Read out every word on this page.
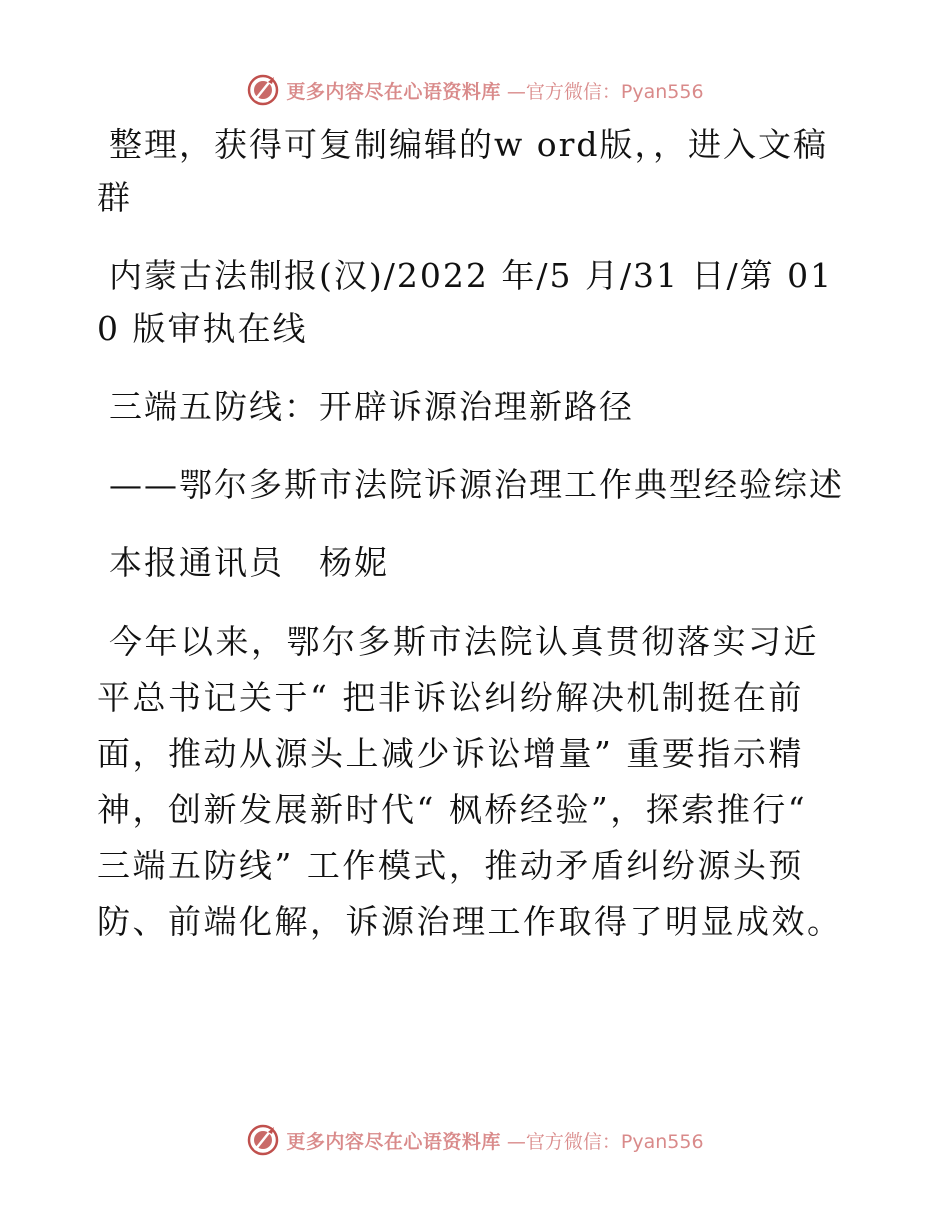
更多内容尽在心语资料库 —官方微信：Pyan556

整理，获得可复制编辑的w ord版，，进入文稿群

内蒙古法制报(汉)/2022 年/5 月/31 日/第 010 版审执在线

三端五防线：开辟诉源治理新路径

——鄂尔多斯市法院诉源治理工作典型经验综述

本报通讯员　杨妮

今年以来，鄂尔多斯市法院认真贯彻落实习近平总书记关于“ 把非诉讼纠纷解决机制挺在前面，推动从源头上减少诉讼增量” 重要指示精神，创新发展新时代“ 枫桥经验”，探索推行“ 三端五防线” 工作模式，推动矛盾纠纷源头预防、前端化解，诉源治理工作取得了明显成效。

更多内容尽在心语资料库 —官方微信：Pyan556
